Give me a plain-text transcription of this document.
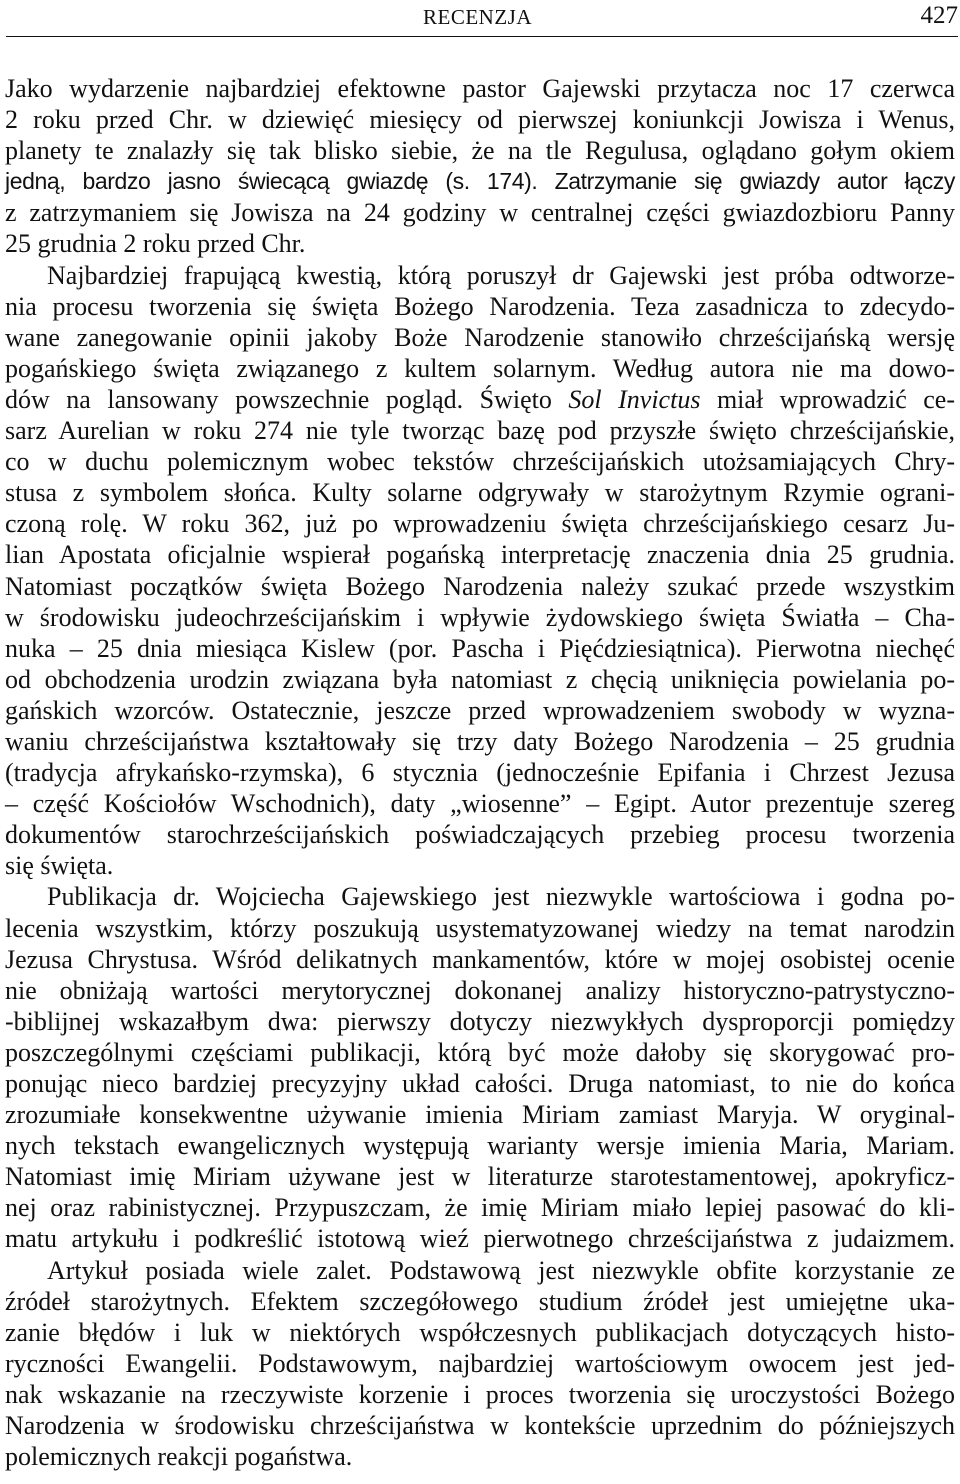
RECENZJA	427
Jako wydarzenie najbardziej efektowne pastor Gajewski przytacza noc 17 czerwca
2 roku przed Chr. w dziewięć miesięcy od pierwszej koniunkcji Jowisza i Wenus,
planety te znalazły się tak blisko siebie, że na tle Regulusa, oglądano gołym okiem
jedną, bardzo jasno świecącą gwiazdę (s. 174). Zatrzymanie się gwiazdy autor łączy
z zatrzymaniem się Jowisza na 24 godziny w centralnej części gwiazdozbioru Panny
25 grudnia 2 roku przed Chr.
Najbardziej frapującą kwestią, którą poruszył dr Gajewski jest próba odtworze-
nia procesu tworzenia się święta Bożego Narodzenia. Teza zasadnicza to zdecydo-
wane zanegowanie opinii jakoby Boże Narodzenie stanowiło chrześcijańską wersję
pogańskiego święta związanego z kultem solarnym. Według autora nie ma dowo-
dów na lansowany powszechnie pogląd. Święto Sol Invictus miał wprowadzić ce-
sarz Aurelian w roku 274 nie tyle tworząc bazę pod przyszłe święto chrześcijańskie,
co w duchu polemicznym wobec tekstów chrześcijańskich utożsamiających Chry-
stusa z symbolem słońca. Kulty solarne odgrywały w starożytnym Rzymie ograni-
czoną rolę. W roku 362, już po wprowadzeniu święta chrześcijańskiego cesarz Ju-
lian Apostata oficjalnie wspierał pogańską interpretację znaczenia dnia 25 grudnia.
Natomiast początków święta Bożego Narodzenia należy szukać przede wszystkim
w środowisku judeochrześcijańskim i wpływie żydowskiego święta Światła – Cha-
nuka – 25 dnia miesiąca Kislew (por. Pascha i Pięćdziesiątnica). Pierwotna niechęć
od obchodzenia urodzin związana była natomiast z chęcią uniknięcia powielania po-
gańskich wzorców. Ostatecznie, jeszcze przed wprowadzeniem swobody w wyzna-
waniu chrześcijaństwa kształtowały się trzy daty Bożego Narodzenia – 25 grudnia
(tradycja afrykańsko-rzymska), 6 stycznia (jednocześnie Epifania i Chrzest Jezusa
– część Kościołów Wschodnich), daty „wiosenne” – Egipt. Autor prezentuje szereg
dokumentów starochrześcijańskich poświadczających przebieg procesu tworzenia
się święta.
Publikacja dr. Wojciecha Gajewskiego jest niezwykle wartościowa i godna po-
lecenia wszystkim, którzy poszukują usystematyzowanej wiedzy na temat narodzin
Jezusa Chrystusa. Wśród delikatnych mankamentów, które w mojej osobistej ocenie
nie obniżają wartości merytorycznej dokonanej analizy historyczno-patrystyczno-
-biblijnej wskazałbym dwa: pierwszy dotyczy niezwykłych dysproporcji pomiędzy
poszczególnymi częściami publikacji, którą być może dałoby się skorygować pro-
ponując nieco bardziej precyzyjny układ całości. Druga natomiast, to nie do końca
zrozumiałe konsekwentne używanie imienia Miriam zamiast Maryja. W oryginal-
nych tekstach ewangelicznych występują warianty wersje imienia Maria, Mariam.
Natomiast imię Miriam używane jest w literaturze starotestamentowej, apokryficz-
nej oraz rabinistycznej. Przypuszczam, że imię Miriam miało lepiej pasować do kli-
matu artykułu i podkreślić istotową wieź pierwotnego chrześcijaństwa z judaizmem.
Artykuł posiada wiele zalet. Podstawową jest niezwykle obfite korzystanie ze
źródeł starożytnych. Efektem szczegółowego studium źródeł jest umiejętne uka-
zanie błędów i luk w niektórych współczesnych publikacjach dotyczących histo-
ryczności Ewangelii. Podstawowym, najbardziej wartościowym owocem jest jed-
nak wskazanie na rzeczywiste korzenie i proces tworzenia się uroczystości Bożego
Narodzenia w środowisku chrześcijaństwa w kontekście uprzednim do późniejszych
polemicznych reakcji pogaństwa.
